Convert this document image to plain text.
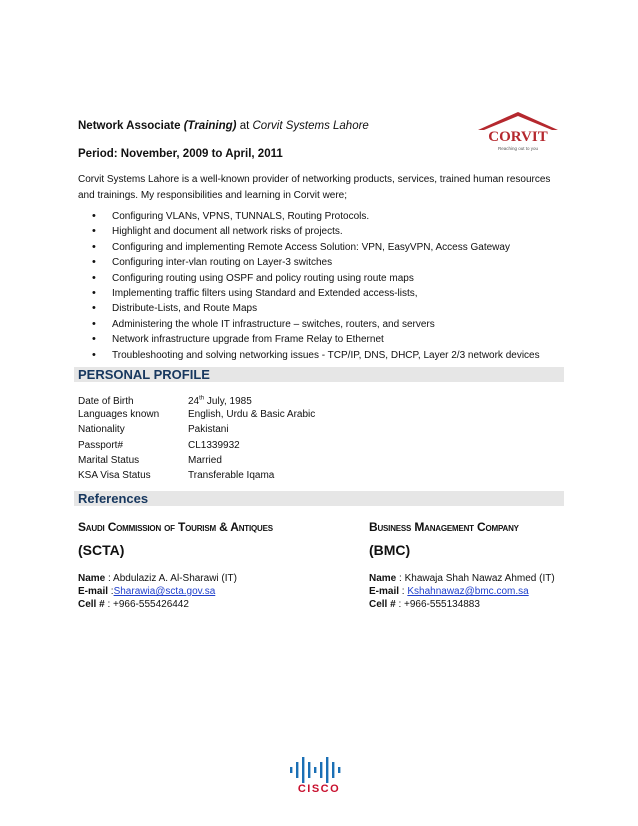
Network Associate (Training) at Corvit Systems Lahore
CORVIT
Reaching out to you
Period: November, 2009 to April, 2011
Corvit Systems Lahore is a well-known provider of networking products, services, trained human resources and trainings. My responsibilities and learning in Corvit were;
• Configuring VLANs, VPNS, TUNNALS, Routing Protocols.
• Highlight and document all network risks of projects.
• Configuring and implementing Remote Access Solution: VPN, EasyVPN, Access Gateway
• Configuring inter-vlan routing on Layer-3 switches
• Configuring routing using OSPF and policy routing using route maps
• Implementing traffic filters using Standard and Extended access-lists,
• Distribute-Lists, and Route Maps
• Administering the whole IT infrastructure – switches, routers, and servers
• Network infrastructure upgrade from Frame Relay to Ethernet
• Troubleshooting and solving networking issues - TCP/IP, DNS, DHCP, Layer 2/3 network devices
PERSONAL PROFILE
Date of Birth	24th July, 1985
Languages known	English, Urdu & Basic Arabic
Nationality	Pakistani
Passport#	CL1339932
Marital Status	Married
KSA Visa Status	Transferable Iqama
References
Saudi Commission of Tourism & Antiques
(SCTA)
Name : Abdulaziz A. Al-Sharawi (IT)
E-mail :Sharawia@scta.gov.sa
Cell # : +966-555426442
Business Management Company
(BMC)
Name : Khawaja Shah Nawaz Ahmed (IT)
E-mail : Kshahnawaz@bmc.com.sa
Cell # : +966-555134883
CISCO
